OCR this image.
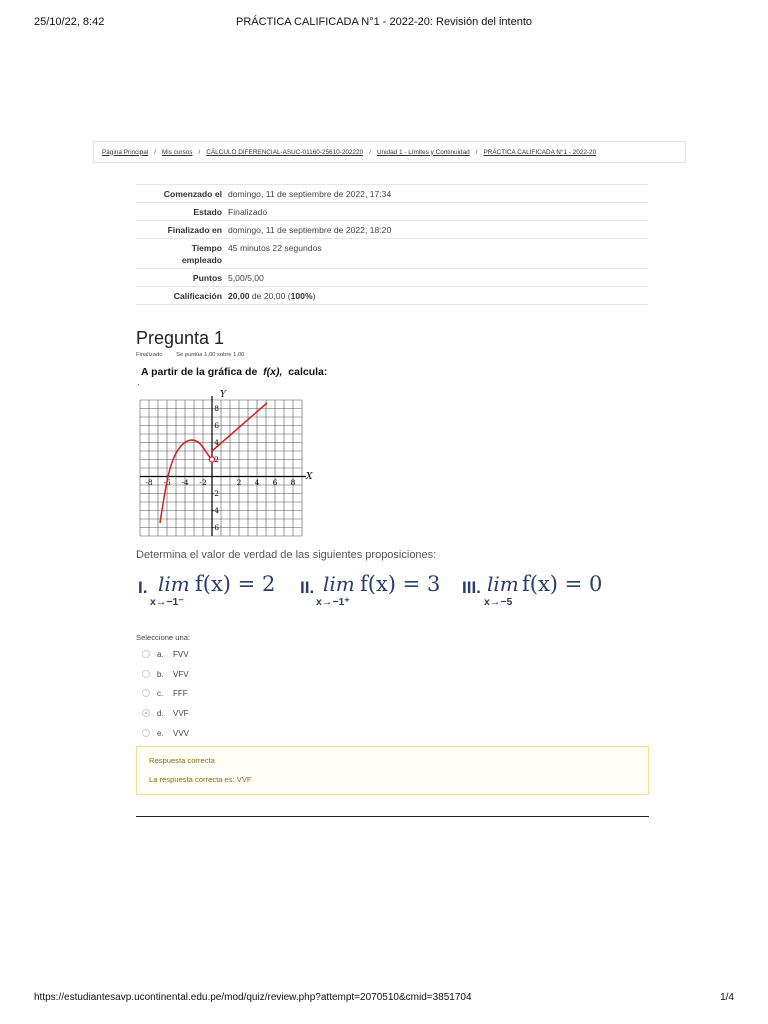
25/10/22, 8:42	PRÁCTICA CALIFICADA N°1 - 2022-20: Revisión del intento
Página Principal / Mis cursos / CÁLCULO DIFERENCIAL-ASUC-01160-25610-202220 / Unidad 1 - Límites y Continuidad / PRÁCTICA CALIFICADA N°1 - 2022-20
Comenzado el	domingo, 11 de septiembre de 2022, 17:34
Estado	Finalizado
Finalizado en	domingo, 11 de septiembre de 2022, 18:20
Tiempo
empleado	45 minutos 22 segundos
Puntos	5,00/5,00
Calificación	20,00 de 20,00 (100%)
Pregunta 1
Finalizado Se puntúa 1,00 sobre 1,00
A partir de la gráfica de f(x), calcula:
·
Y
X
8
6
4
2
-2
-4
-6
-8 -6 -4 -2	2 4 6 8
Determina el valor de verdad de las siguientes proposiciones:
I. lim
x→−1⁻
f(x) = 2 II. lim
x→−1⁺
f(x) = 3 III. lim
x→−5
f(x) = 0
Seleccione una:
a.	FVV
b.	VFV
c.	FFF
d.	VVF
e.	VVV
Respuesta correcta
La respuesta correcta es: VVF
https://estudiantesavp.ucontinental.edu.pe/mod/quiz/review.php?attempt=2070510&cmid=3851704	1/4
